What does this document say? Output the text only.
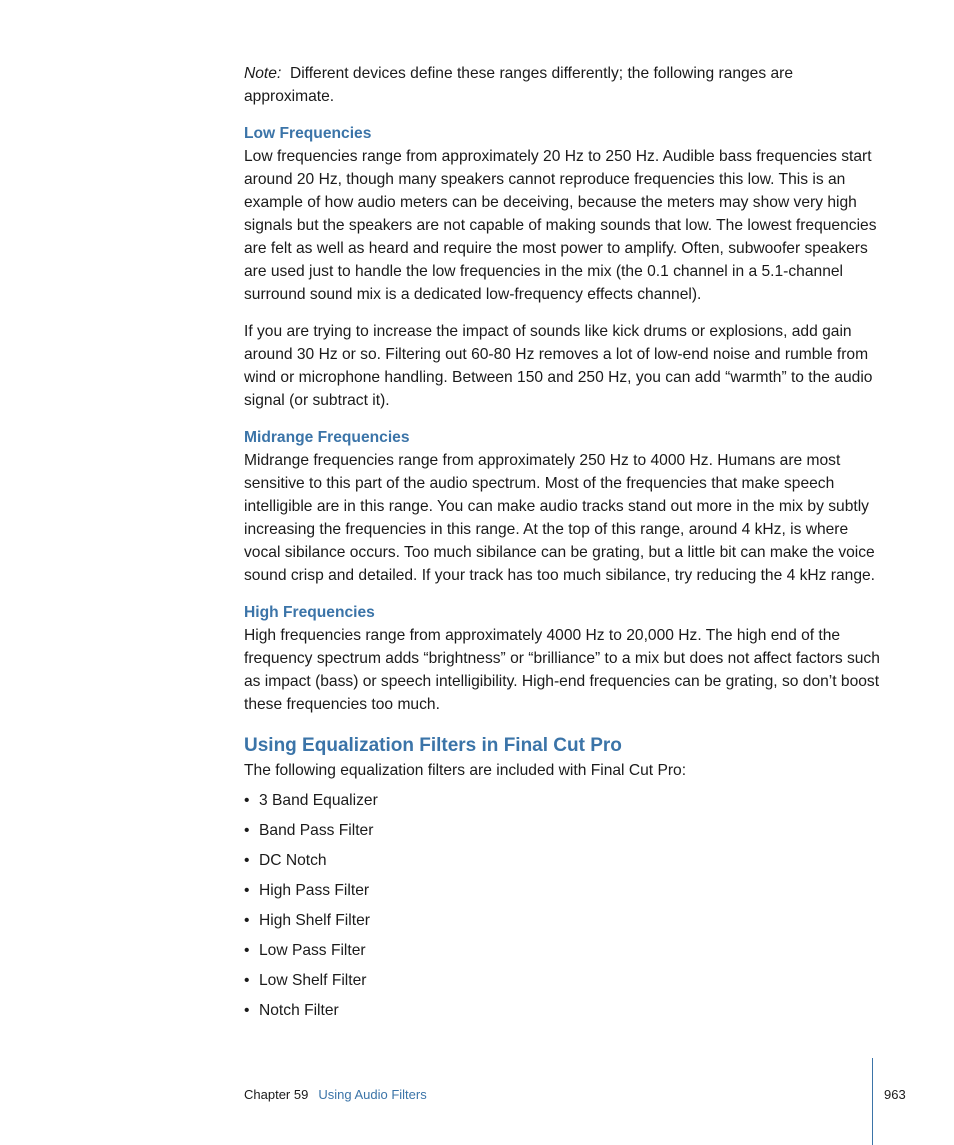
Note: Different devices define these ranges differently; the following ranges are approximate.

Low Frequencies

Low frequencies range from approximately 20 Hz to 250 Hz. Audible bass frequencies start around 20 Hz, though many speakers cannot reproduce frequencies this low. This is an example of how audio meters can be deceiving, because the meters may show very high signals but the speakers are not capable of making sounds that low. The lowest frequencies are felt as well as heard and require the most power to amplify. Often, subwoofer speakers are used just to handle the low frequencies in the mix (the 0.1 channel in a 5.1-channel surround sound mix is a dedicated low-frequency effects channel).

If you are trying to increase the impact of sounds like kick drums or explosions, add gain around 30 Hz or so. Filtering out 60-80 Hz removes a lot of low-end noise and rumble from wind or microphone handling. Between 150 and 250 Hz, you can add “warmth” to the audio signal (or subtract it).

Midrange Frequencies

Midrange frequencies range from approximately 250 Hz to 4000 Hz. Humans are most sensitive to this part of the audio spectrum. Most of the frequencies that make speech intelligible are in this range. You can make audio tracks stand out more in the mix by subtly increasing the frequencies in this range. At the top of this range, around 4 kHz, is where vocal sibilance occurs. Too much sibilance can be grating, but a little bit can make the voice sound crisp and detailed. If your track has too much sibilance, try reducing the 4 kHz range.

High Frequencies

High frequencies range from approximately 4000 Hz to 20,000 Hz. The high end of the frequency spectrum adds “brightness” or “brilliance” to a mix but does not affect factors such as impact (bass) or speech intelligibility. High-end frequencies can be grating, so don’t boost these frequencies too much.

Using Equalization Filters in Final Cut Pro

The following equalization filters are included with Final Cut Pro:

• 3 Band Equalizer
• Band Pass Filter
• DC Notch
• High Pass Filter
• High Shelf Filter
• Low Pass Filter
• Low Shelf Filter
• Notch Filter
Chapter 59 Using Audio Filters	963
